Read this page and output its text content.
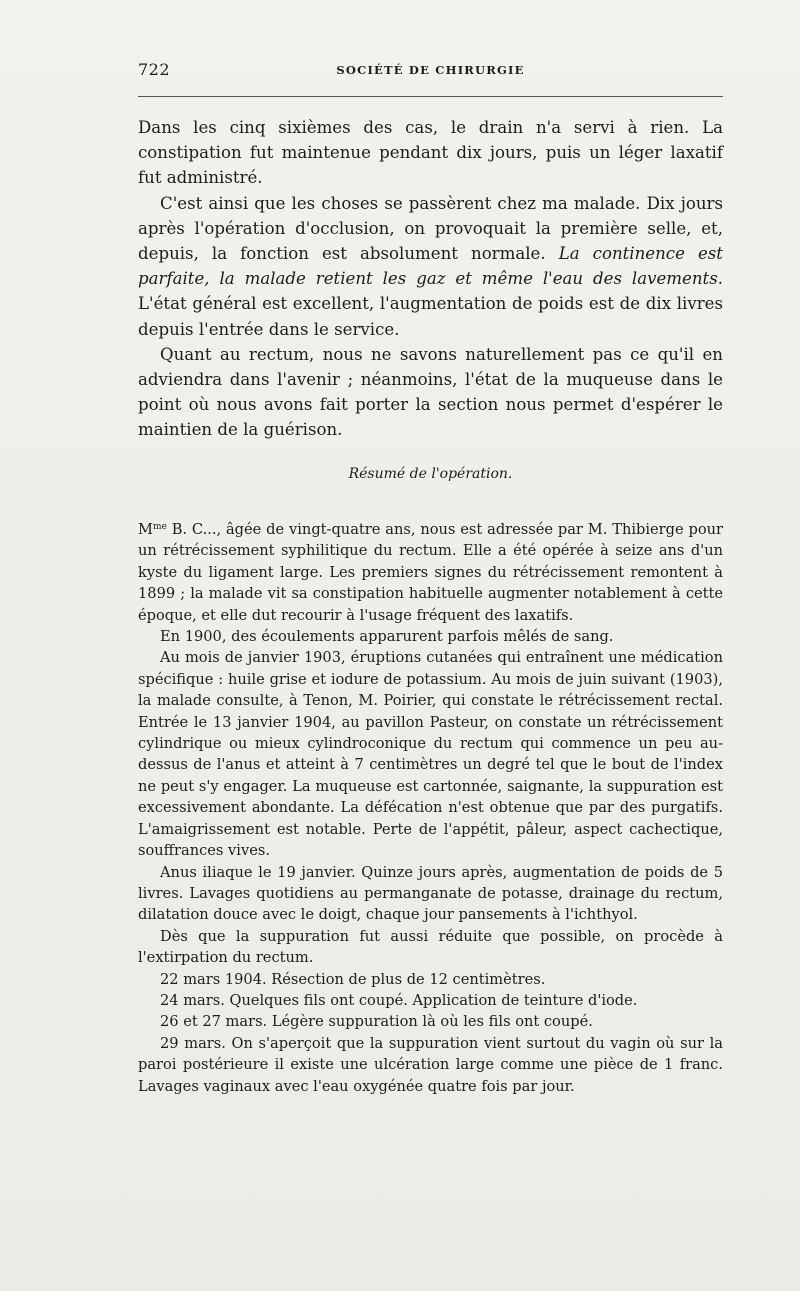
722	SOCIÉTÉ DE CHIRURGIE

Dans les cinq sixièmes des cas, le drain n'a servi à rien. La constipation fut maintenue pendant dix jours, puis un léger laxatif fut administré.

C'est ainsi que les choses se passèrent chez ma malade. Dix jours après l'opération d'occlusion, on provoquait la première selle, et, depuis, la fonction est absolument normale. La continence est parfaite, la malade retient les gaz et même l'eau des lavements. L'état général est excellent, l'augmentation de poids est de dix livres depuis l'entrée dans le service.

Quant au rectum, nous ne savons naturellement pas ce qu'il en adviendra dans l'avenir ; néanmoins, l'état de la muqueuse dans le point où nous avons fait porter la section nous permet d'espérer le maintien de la guérison.

Résumé de l'opération.

$M^{me}$ B. C..., âgée de vingt-quatre ans, nous est adressée par M. Thibierge pour un rétrécissement syphilitique du rectum. Elle a été opérée à seize ans d'un kyste du ligament large. Les premiers signes du rétrécissement remontent à 1899 ; la malade vit sa constipation habituelle augmenter notablement à cette époque, et elle dut recourir à l'usage fréquent des laxatifs.

En 1900, des écoulements apparurent parfois mêlés de sang.

Au mois de janvier 1903, éruptions cutanées qui entraînent une médication spécifique : huile grise et iodure de potassium. Au mois de juin suivant (1903), la malade consulte, à Tenon, M. Poirier, qui constate le rétrécissement rectal. Entrée le 13 janvier 1904, au pavillon Pasteur, on constate un rétrécissement cylindrique ou mieux cylindroconique du rectum qui commence un peu au-dessus de l'anus et atteint à 7 centimètres un degré tel que le bout de l'index ne peut s'y engager. La muqueuse est cartonnée, saignante, la suppuration est excessivement abondante. La défécation n'est obtenue que par des purgatifs. L'amaigrissement est notable. Perte de l'appétit, pâleur, aspect cachectique, souffrances vives.

Anus iliaque le 19 janvier. Quinze jours après, augmentation de poids de 5 livres. Lavages quotidiens au permanganate de potasse, drainage du rectum, dilatation douce avec le doigt, chaque jour pansements à l'ichthyol.

Dès que la suppuration fut aussi réduite que possible, on procède à l'extirpation du rectum.

22 mars 1904. Résection de plus de 12 centimètres.

24 mars. Quelques fils ont coupé. Application de teinture d'iode.

26 et 27 mars. Légère suppuration là où les fils ont coupé.

29 mars. On s'aperçoit que la suppuration vient surtout du vagin où sur la paroi postérieure il existe une ulcération large comme une pièce de 1 franc. Lavages vaginaux avec l'eau oxygénée quatre fois par jour.
